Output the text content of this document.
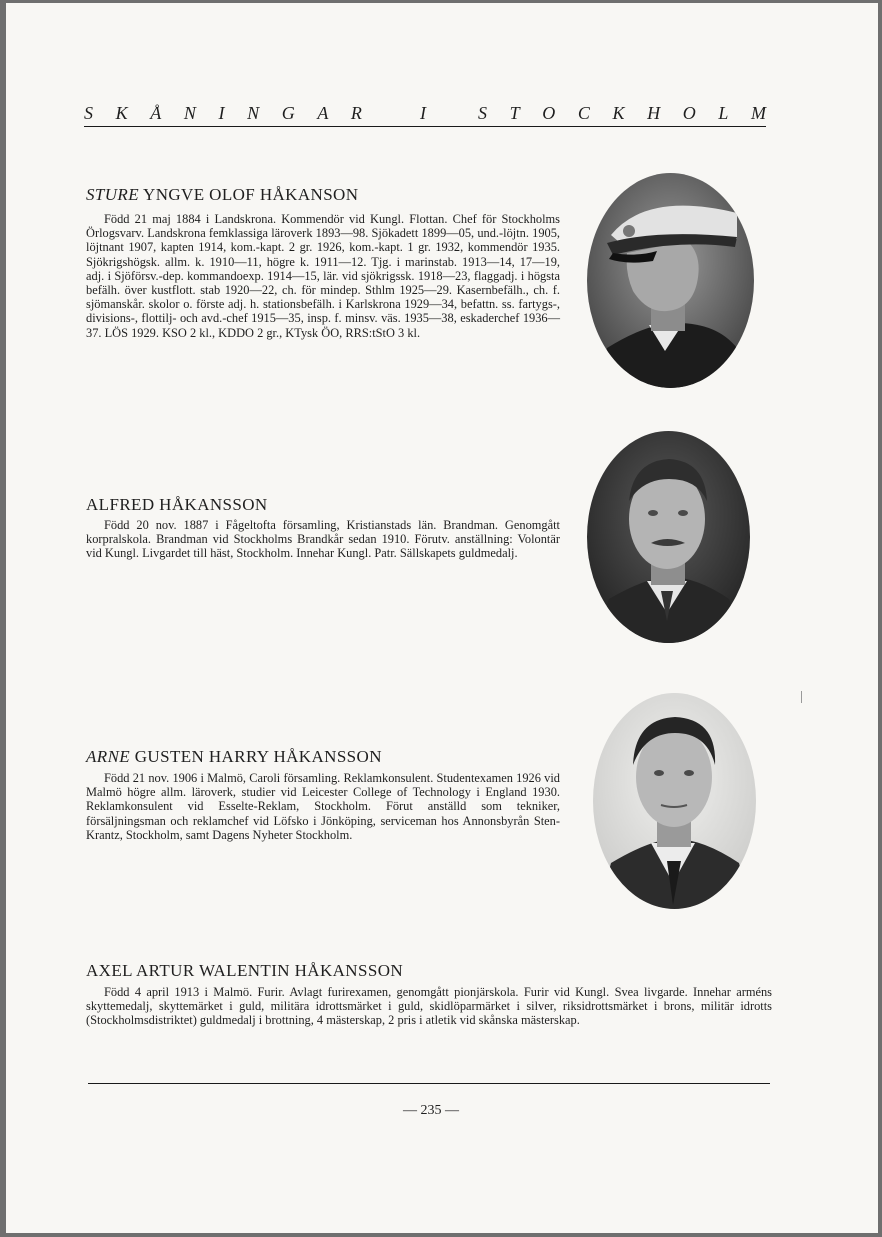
S K Å N I N G A R	I	S T O C K H O L M
STURE YNGVE OLOF HÅKANSON

Född 21 maj 1884 i Landskrona. Kommendör vid Kungl. Flottan. Chef för Stockholms Örlogsvarv. Landskrona femklassiga läroverk 1893—98. Sjökadett 1899—05, und.-löjtn. 1905, löjtnant 1907, kapten 1914, kom.-kapt. 2 gr. 1926, kom.-kapt. 1 gr. 1932, kommendör 1935. Sjökrigshögsk. allm. k. 1910—11, högre k. 1911—12. Tjg. i marinstab. 1913—14, 17—19, adj. i Sjöförsv.-dep. kommandoexp. 1914—15, lär. vid sjökrigssk. 1918—23, flaggadj. i högsta befälh. över kustflott. stab 1920—22, ch. för mindep. Sthlm 1925—29. Kasernbefälh., ch. f. sjömanskår. skolor o. förste adj. h. stationsbefälh. i Karlskrona 1929—34, befattn. ss. fartygs-, divisions-, flottilj- och avd.-chef 1915—35, insp. f. minsv. väs. 1935—38, eskaderchef 1936—37. LÖS 1929. KSO 2 kl., KDDO 2 gr., KTysk ÖO, RRS:tStO 3 kl.

ALFRED HÅKANSSON

Född 20 nov. 1887 i Fågeltofta församling, Kristianstads län. Brandman. Genomgått korpralskola. Brandman vid Stockholms Brandkår sedan 1910. Förutv. anställning: Volontär vid Kungl. Livgardet till häst, Stockholm. Innehar Kungl. Patr. Sällskapets guldmedalj.

ARNE GUSTEN HARRY HÅKANSSON

Född 21 nov. 1906 i Malmö, Caroli församling. Reklamkonsulent. Studentexamen 1926 vid Malmö högre allm. läroverk, studier vid Leicester College of Technology i England 1930. Reklamkonsulent vid Esselte-Reklam, Stockholm. Förut anställd som tekniker, försäljningsman och reklamchef vid Löfsko i Jönköping, serviceman hos Annonsbyrån Sten-Krantz, Stockholm, samt Dagens Nyheter Stockholm.

AXEL ARTUR WALENTIN HÅKANSSON

Född 4 april 1913 i Malmö. Furir. Avlagt furirexamen, genomgått pionjärskola. Furir vid Kungl. Svea livgarde. Innehar arméns skyttemedalj, skyttemärket i guld, militära idrottsmärket i guld, skidlöparmärket i silver, riksidrottsmärket i brons, militär idrotts (Stockholmsdistriktet) guldmedalj i brottning, 4 mästerskap, 2 pris i atletik vid skånska mästerskap.

— 235 —
